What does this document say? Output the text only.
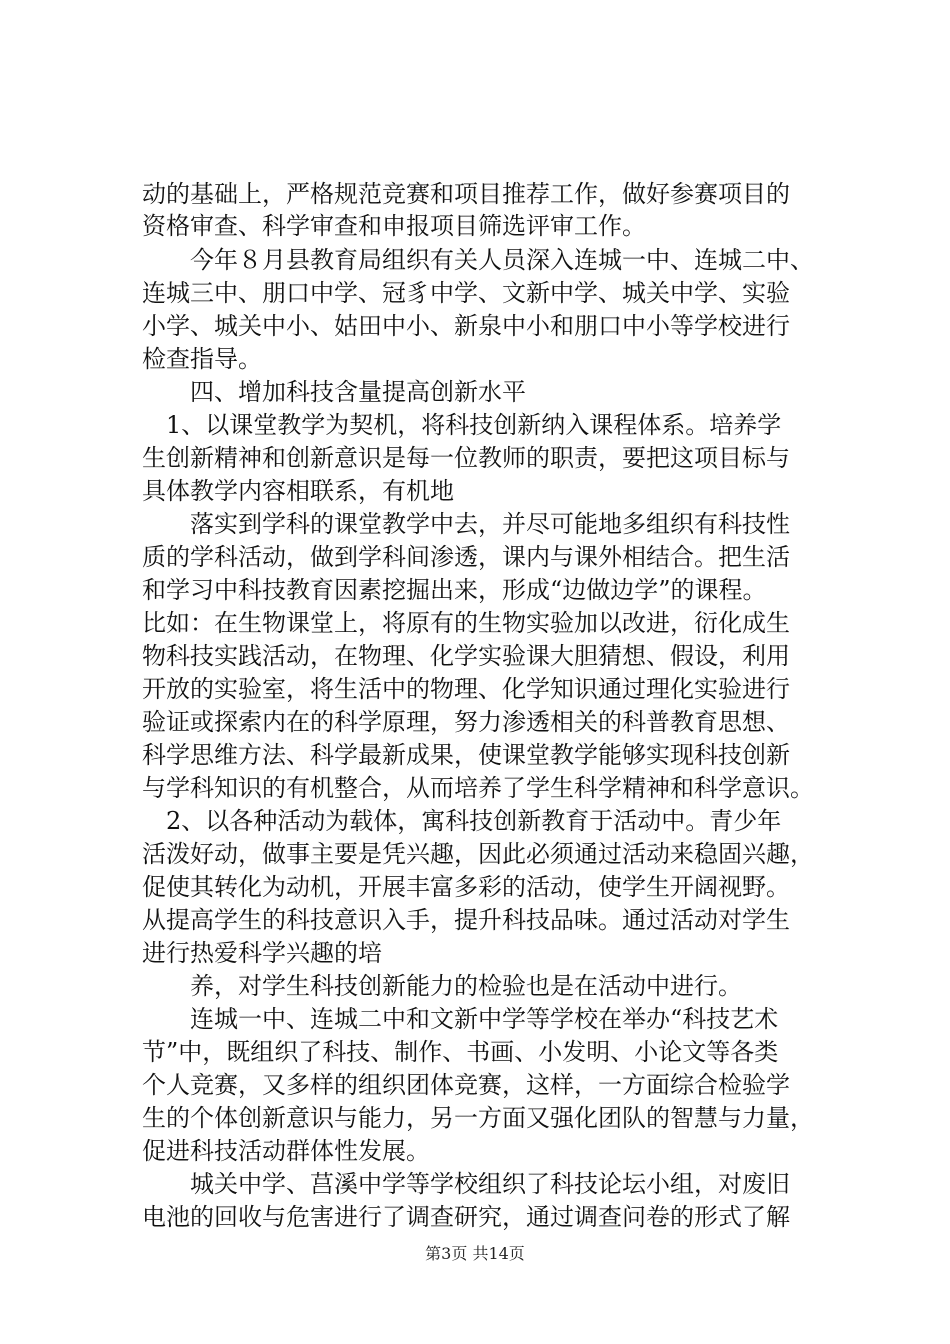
动的基础上，严格规范竞赛和项目推荐工作，做好参赛项目的
资格审查、科学审查和申报项目筛选评审工作。
　　今年８月县教育局组织有关人员深入连城一中、连城二中、
连城三中、朋口中学、冠豸中学、文新中学、城关中学、实验
小学、城关中小、姑田中小、新泉中小和朋口中小等学校进行
检查指导。
　　四、增加科技含量提高创新水平
　1、以课堂教学为契机，将科技创新纳入课程体系。培养学
生创新精神和创新意识是每一位教师的职责，要把这项目标与
具体教学内容相联系，有机地
　　落实到学科的课堂教学中去，并尽可能地多组织有科技性
质的学科活动，做到学科间渗透，课内与课外相结合。把生活
和学习中科技教育因素挖掘出来，形成“边做边学”的课程。
比如：在生物课堂上，将原有的生物实验加以改进，衍化成生
物科技实践活动，在物理、化学实验课大胆猜想、假设，利用
开放的实验室，将生活中的物理、化学知识通过理化实验进行
验证或探索内在的科学原理，努力渗透相关的科普教育思想、
科学思维方法、科学最新成果，使课堂教学能够实现科技创新
与学科知识的有机整合，从而培养了学生科学精神和科学意识。
　2、以各种活动为载体，寓科技创新教育于活动中。青少年
活泼好动，做事主要是凭兴趣，因此必须通过活动来稳固兴趣，
促使其转化为动机，开展丰富多彩的活动，使学生开阔视野。
从提高学生的科技意识入手，提升科技品味。通过活动对学生
进行热爱科学兴趣的培
　　养，对学生科技创新能力的检验也是在活动中进行。
　　连城一中、连城二中和文新中学等学校在举办“科技艺术
节”中，既组织了科技、制作、书画、小发明、小论文等各类
个人竞赛，又多样的组织团体竞赛，这样，一方面综合检验学
生的个体创新意识与能力，另一方面又强化团队的智慧与力量，
促进科技活动群体性发展。
　　城关中学、莒溪中学等学校组织了科技论坛小组，对废旧
第3页 共14页
电池的回收与危害进行了调查研究，通过调查问卷的形式了解
